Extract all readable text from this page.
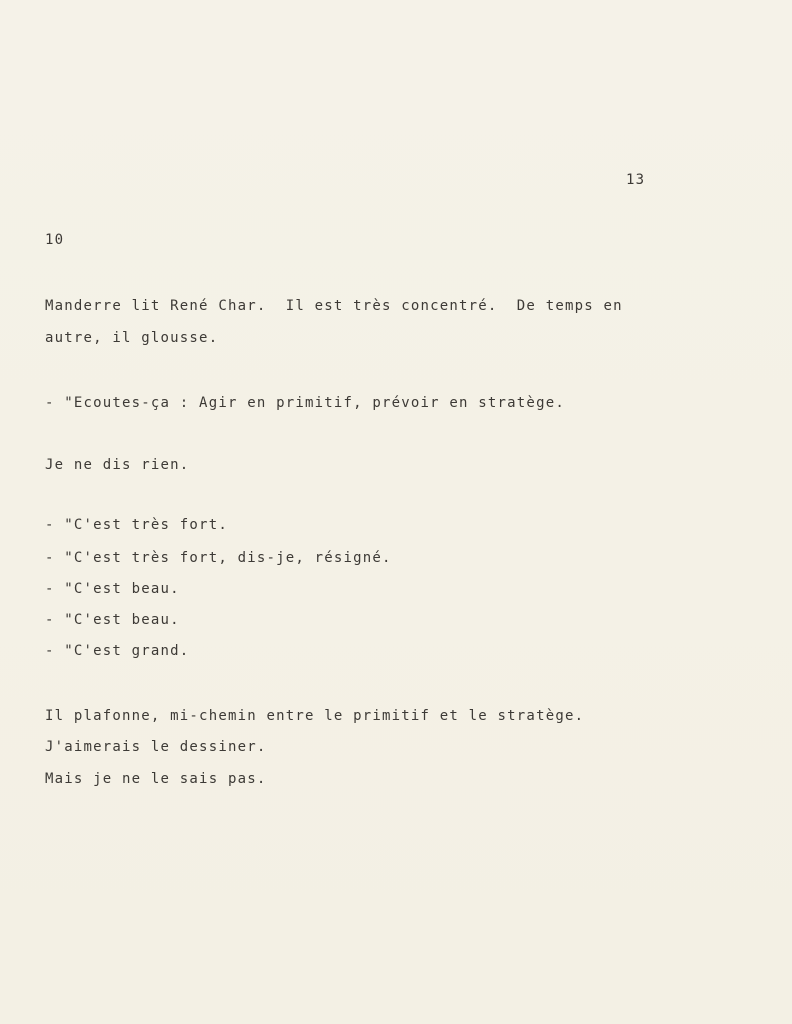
13
10
Manderre lit René Char.  Il est très concentré.  De temps en
autre, il glousse.
- "Ecoutes-ça : Agir en primitif, prévoir en stratège.
Je ne dis rien.
- "C'est très fort.
- "C'est très fort, dis-je, résigné.
- "C'est beau.
- "C'est beau.
- "C'est grand.
Il plafonne, mi-chemin entre le primitif et le stratège.
J'aimerais le dessiner.
Mais je ne le sais pas.
